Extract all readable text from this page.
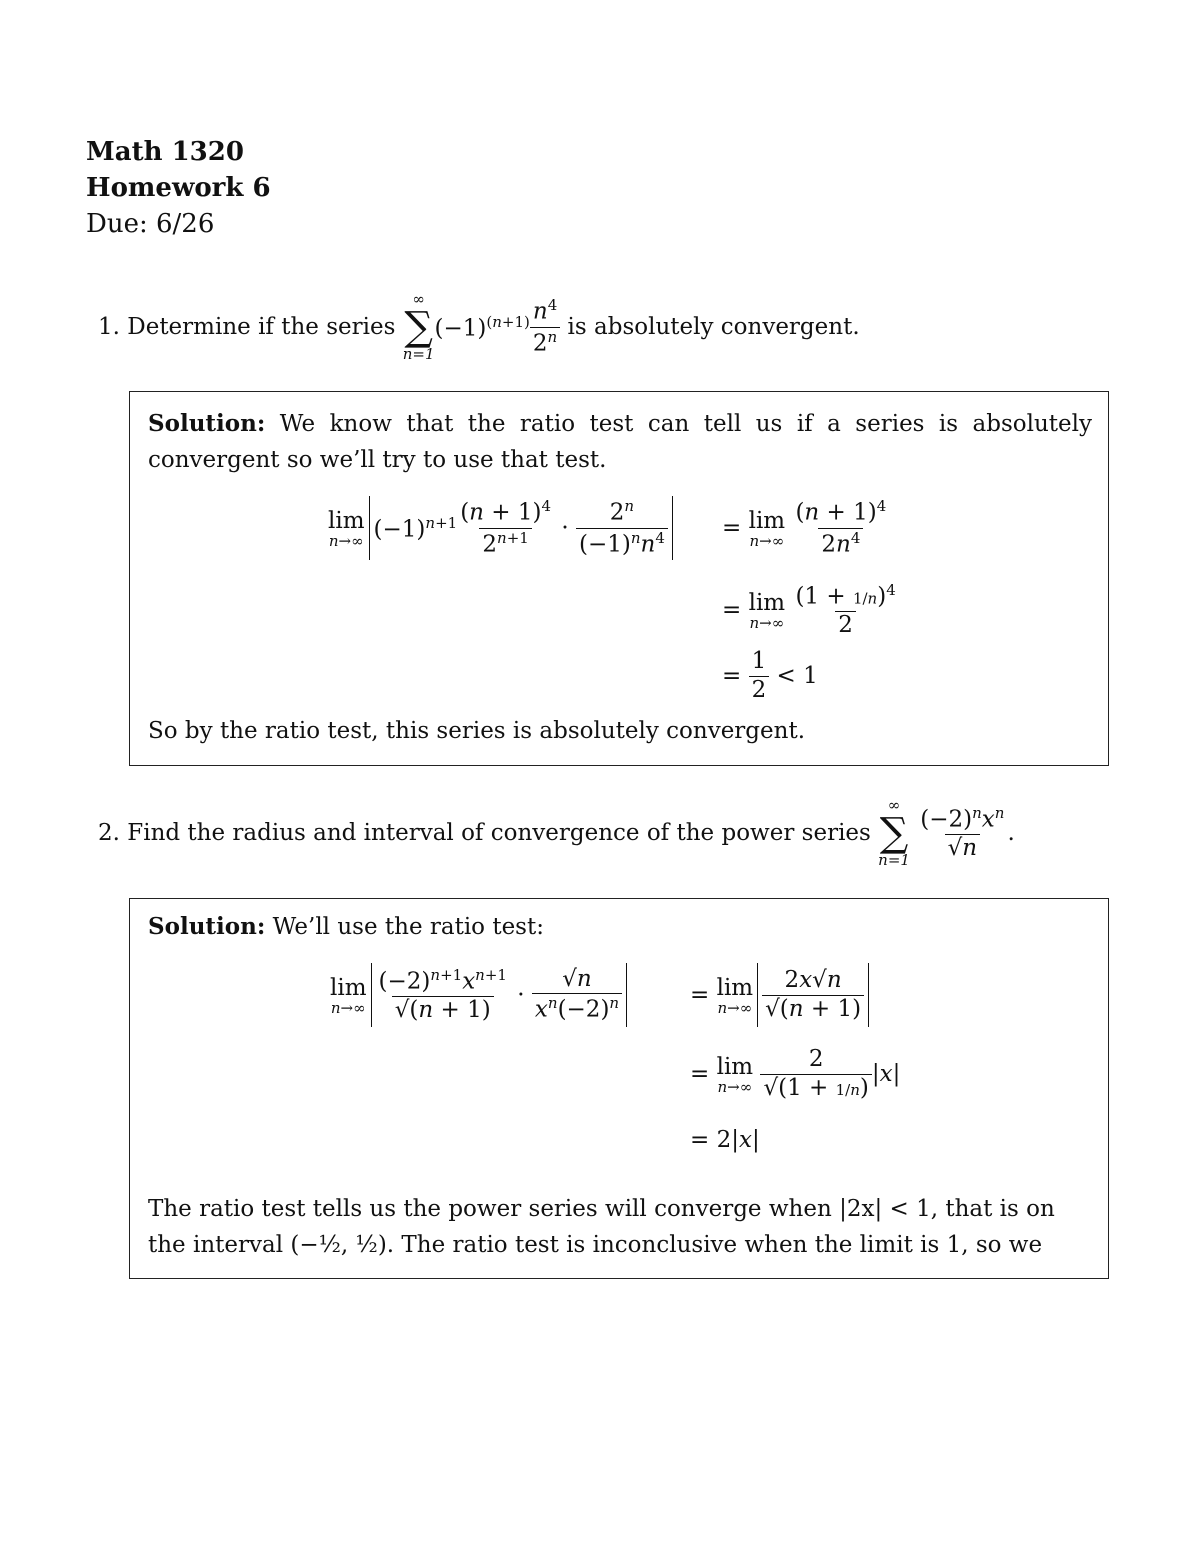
Math 1320
Homework 6
Due: 6/26
1.
Determine if the series

∞
∑
n=1
$(-1)^{(n+1)} \frac{n^4}{2^n}$
is absolutely convergent.
Solution: We know that the ratio test can tell us if a series is absolutely convergent so we’ll try to use that test.
lim
n→∞ $(-1)^{n+1} \frac{(n + 1)^4}{2^{n+1}} \cdot \frac{2^n}{(-1)^nn^4} = \lim$
n→∞
$\frac{(n + 1)^4}{2n^4}$
= lim
n→∞
$\frac{(1 + 1/n)^4}{2}$
= $\frac{1}{2} < 1$
So by the ratio test, this series is absolutely convergent.
2.
Find the radius and interval of convergence of the power series

∞
∑
n=1
$\frac{(-2)^nx^n}{√n}$ .
Solution: We’ll use the ratio test:
lim
$n\to\infty \frac{(-2)^{n+1}x^{n+1}}{√(n + 1)} \cdot \frac{√n}{x^n(-2)^n}$	= lim
$n\to\infty \frac{2x√n}{√(n + 1)}$
= lim
n→∞
$\frac{2}{√(1 + 1/n)}$ | x |
= 2|x|
The ratio test tells us the power series will converge when |2x| < 1, that is on
the interval (−½, ½). The ratio test is inconclusive when the limit is 1, so we
